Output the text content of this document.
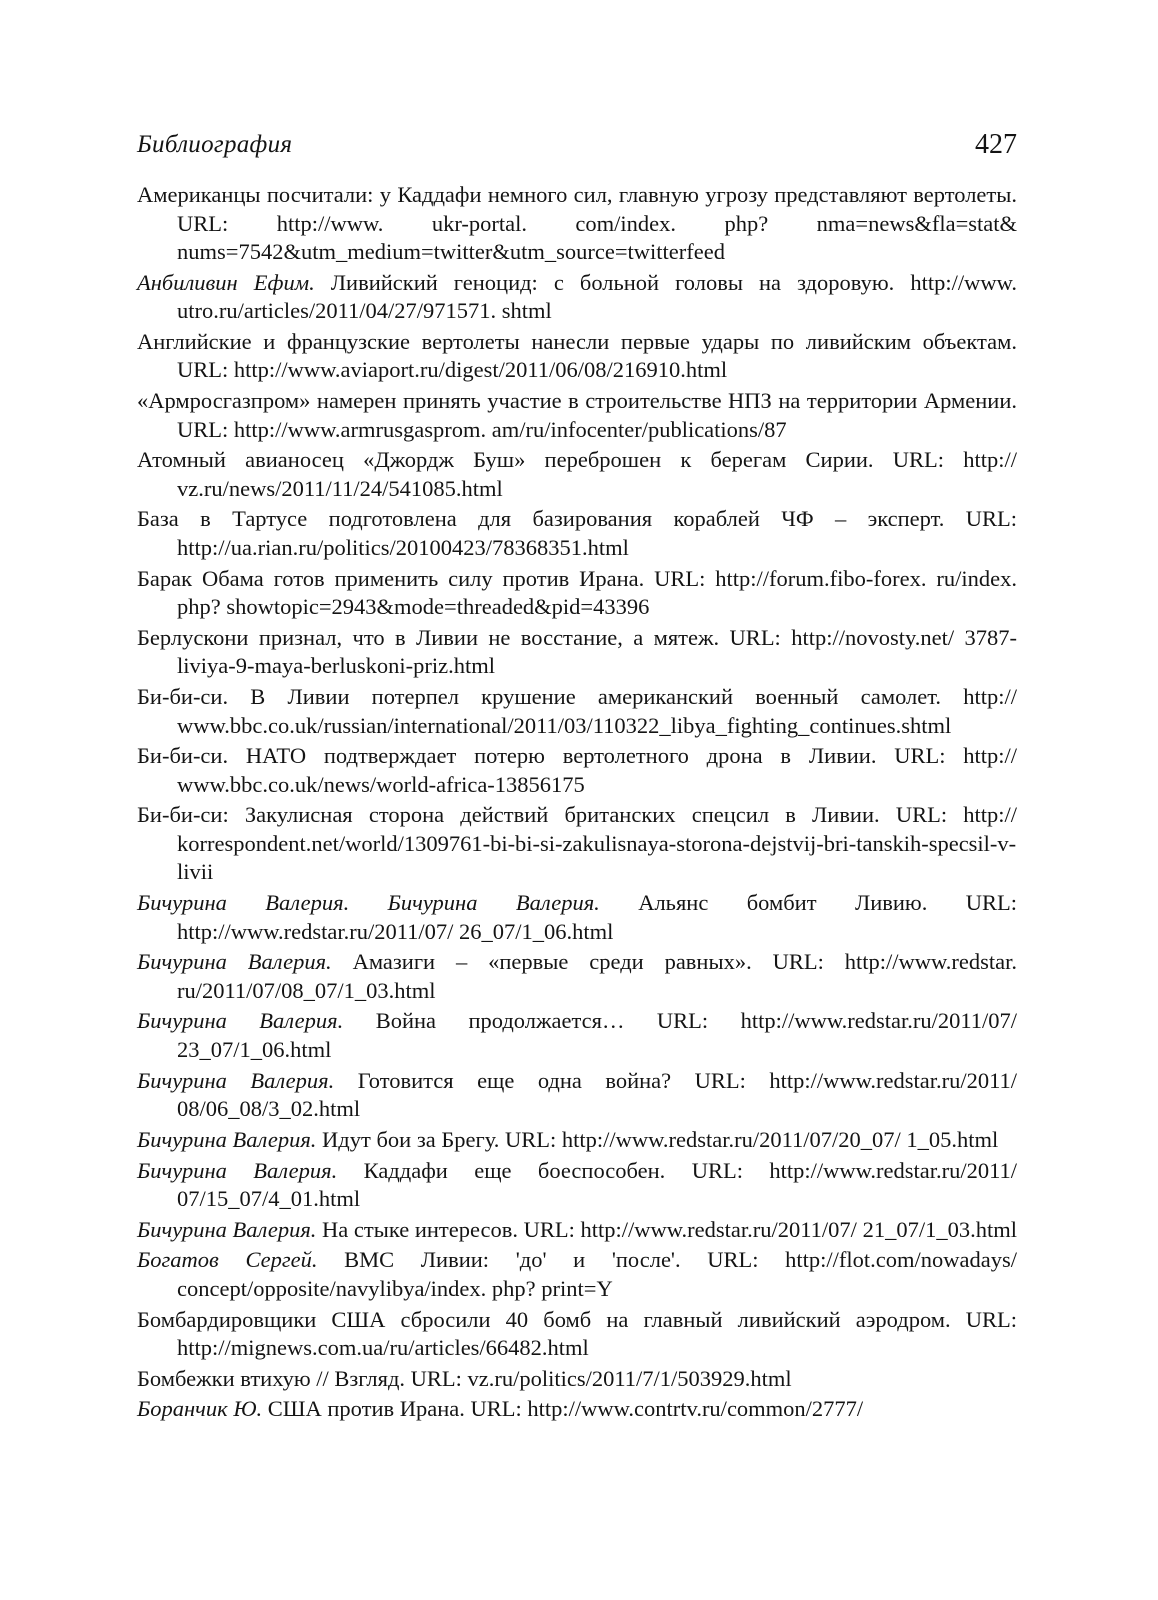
Библиография	427
Американцы посчитали: у Каддафи немного сил, главную угрозу представляют вертолеты. URL: http://www. ukr-portal. com/index. php? nma=news&fla=stat& nums=7542&utm_medium=twitter&utm_source=twitterfeed
Анбиливин Ефим. Ливийский геноцид: с больной головы на здоровую. http://www. utro.ru/articles/2011/04/27/971571. shtml
Английские и французские вертолеты нанесли первые удары по ливийским объектам. URL: http://www.aviaport.ru/digest/2011/06/08/216910.html
«Армросгазпром» намерен принять участие в строительстве НПЗ на территории Армении. URL: http://www.armrusgasprom. am/ru/infocenter/publications/87
Атомный авианосец «Джордж Буш» переброшен к берегам Сирии. URL: http:// vz.ru/news/2011/11/24/541085.html
База в Тартусе подготовлена для базирования кораблей ЧФ – эксперт. URL: http://ua.rian.ru/politics/20100423/78368351.html
Барак Обама готов применить силу против Ирана. URL: http://forum.fibo-forex. ru/index. php? showtopic=2943&mode=threaded&pid=43396
Берлускони признал, что в Ливии не восстание, а мятеж. URL: http://novosty.net/ 3787-liviya-9-maya-berluskoni-priz.html
Би-би-си. В Ливии потерпел крушение американский военный самолет. http:// www.bbc.co.uk/russian/international/2011/03/110322_libya_fighting_continues.shtml
Би-би-си. НАТО подтверждает потерю вертолетного дрона в Ливии. URL: http:// www.bbc.co.uk/news/world-africa-13856175
Би-би-си: Закулисная сторона действий британских спецсил в Ливии. URL: http:// korrespondent.net/world/1309761-bi-bi-si-zakulisnaya-storona-dejstvij-bri-tanskih-specsil-v-livii
Бичурина Валерия. Бичурина Валерия. Альянс бомбит Ливию. URL: http://www.redstar.ru/2011/07/ 26_07/1_06.html
Бичурина Валерия. Амазиги – «первые среди равных». URL: http://www.redstar. ru/2011/07/08_07/1_03.html
Бичурина Валерия. Война продолжается… URL: http://www.redstar.ru/2011/07/ 23_07/1_06.html
Бичурина Валерия. Готовится еще одна война? URL: http://www.redstar.ru/2011/ 08/06_08/3_02.html
Бичурина Валерия. Идут бои за Брегу. URL: http://www.redstar.ru/2011/07/20_07/ 1_05.html
Бичурина Валерия. Каддафи еще боеспособен. URL: http://www.redstar.ru/2011/ 07/15_07/4_01.html
Бичурина Валерия. На стыке интересов. URL: http://www.redstar.ru/2011/07/ 21_07/1_03.html
Богатов Сергей. ВМС Ливии: 'до' и 'после'. URL: http://flot.com/nowadays/ concept/opposite/navylibya/index. php? print=Y
Бомбардировщики США сбросили 40 бомб на главный ливийский аэродром. URL: http://mignews.com.ua/ru/articles/66482.html
Бомбежки втихую // Взгляд. URL: vz.ru/politics/2011/7/1/503929.html
Боранчик Ю. США против Ирана. URL: http://www.contrtv.ru/common/2777/
